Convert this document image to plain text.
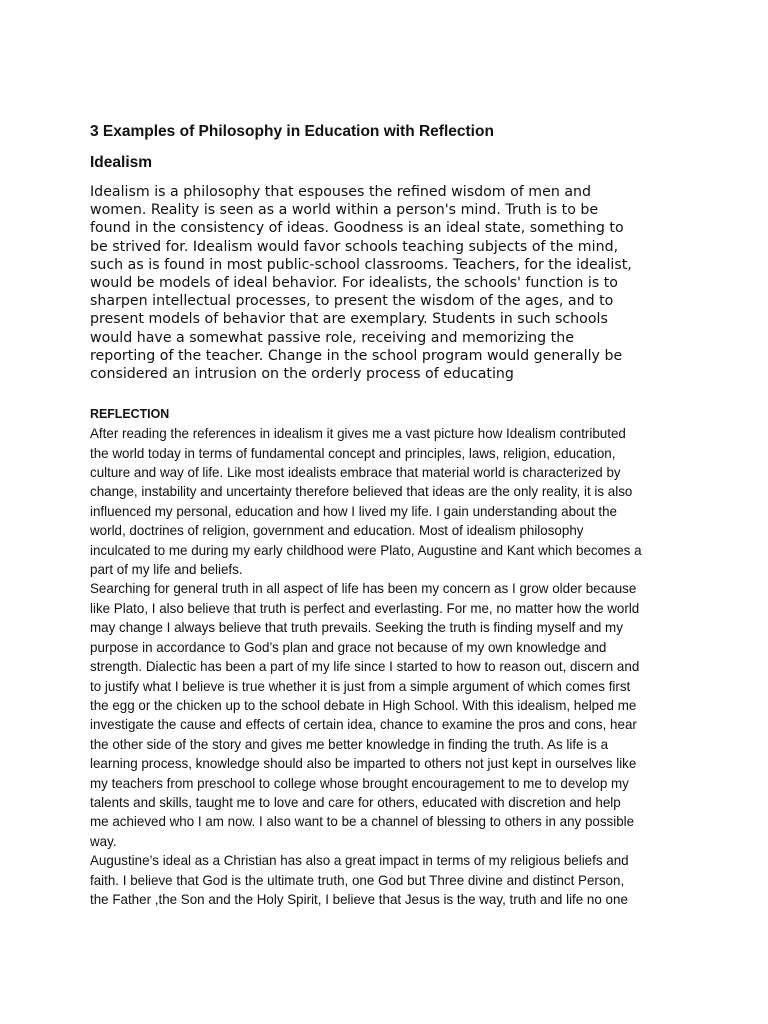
3 Examples of Philosophy in Education with Reflection
Idealism
Idealism is a philosophy that espouses the refined wisdom of men and
women. Reality is seen as a world within a person's mind. Truth is to be
found in the consistency of ideas. Goodness is an ideal state, something to
be strived for. Idealism would favor schools teaching subjects of the mind,
such as is found in most public-school classrooms. Teachers, for the idealist,
would be models of ideal behavior. For idealists, the schools' function is to
sharpen intellectual processes, to present the wisdom of the ages, and to
present models of behavior that are exemplary. Students in such schools
would have a somewhat passive role, receiving and memorizing the
reporting of the teacher. Change in the school program would generally be
considered an intrusion on the orderly process of educating
REFLECTION
After reading the references in idealism it gives me a vast picture how Idealism contributed
the world today in terms of fundamental concept and principles, laws, religion, education,
culture and way of life. Like most idealists embrace that material world is characterized by
change, instability and uncertainty therefore believed that ideas are the only reality, it is also
influenced my personal, education and how I lived my life. I gain understanding about the
world, doctrines of religion, government and education. Most of idealism philosophy
inculcated to me during my early childhood were Plato, Augustine and Kant which becomes a
part of my life and beliefs.
Searching for general truth in all aspect of life has been my concern as I grow older because
like Plato, I also believe that truth is perfect and everlasting. For me, no matter how the world
may change I always believe that truth prevails. Seeking the truth is finding myself and my
purpose in accordance to God’s plan and grace not because of my own knowledge and
strength. Dialectic has been a part of my life since I started to how to reason out, discern and
to justify what I believe is true whether it is just from a simple argument of which comes first
the egg or the chicken up to the school debate in High School. With this idealism, helped me
investigate the cause and effects of certain idea, chance to examine the pros and cons, hear
the other side of the story and gives me better knowledge in finding the truth. As life is a
learning process, knowledge should also be imparted to others not just kept in ourselves like
my teachers from preschool to college whose brought encouragement to me to develop my
talents and skills, taught me to love and care for others, educated with discretion and help
me achieved who I am now. I also want to be a channel of blessing to others in any possible
way.
Augustine’s ideal as a Christian has also a great impact in terms of my religious beliefs and
faith. I believe that God is the ultimate truth, one God but Three divine and distinct Person,
the Father ,the Son and the Holy Spirit, I believe that Jesus is the way, truth and life no one
